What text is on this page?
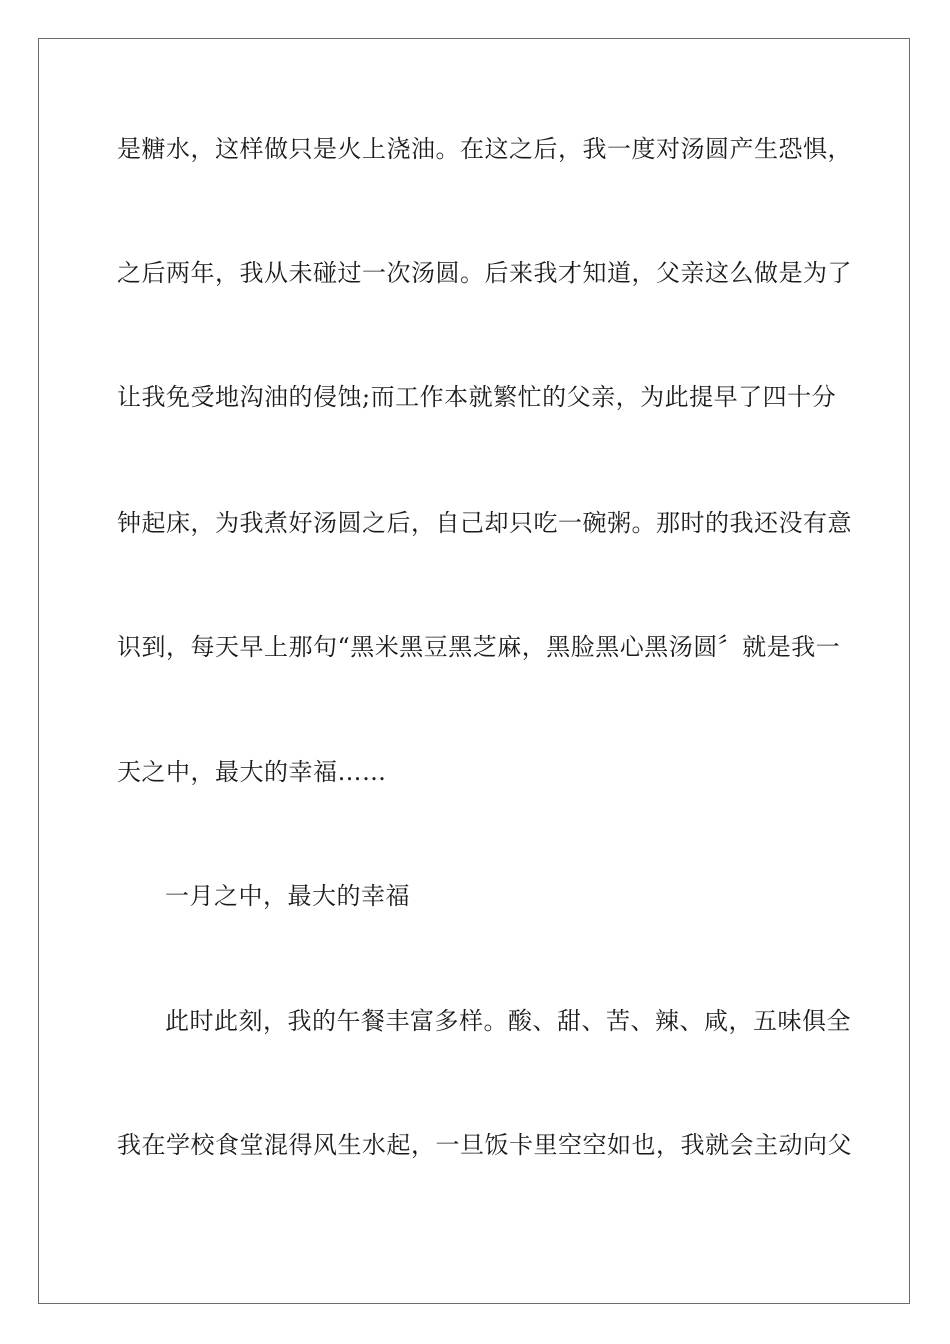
是糖水，这样做只是火上浇油。在这之后，我一度对汤圆产生恐惧，

之后两年，我从未碰过一次汤圆。后来我才知道，父亲这么做是为了

让我免受地沟油的侵蚀;而工作本就繁忙的父亲，为此提早了四十分

钟起床，为我煮好汤圆之后，自己却只吃一碗粥。那时的我还没有意

识到，每天早上那句“黑米黑豆黑芝麻，黑脸黑心黑汤圆〞就是我一

天之中，最大的幸福……

一月之中，最大的幸福

此时此刻，我的午餐丰富多样。酸、甜、苦、辣、咸，五味俱全

我在学校食堂混得风生水起，一旦饭卡里空空如也，我就会主动向父
